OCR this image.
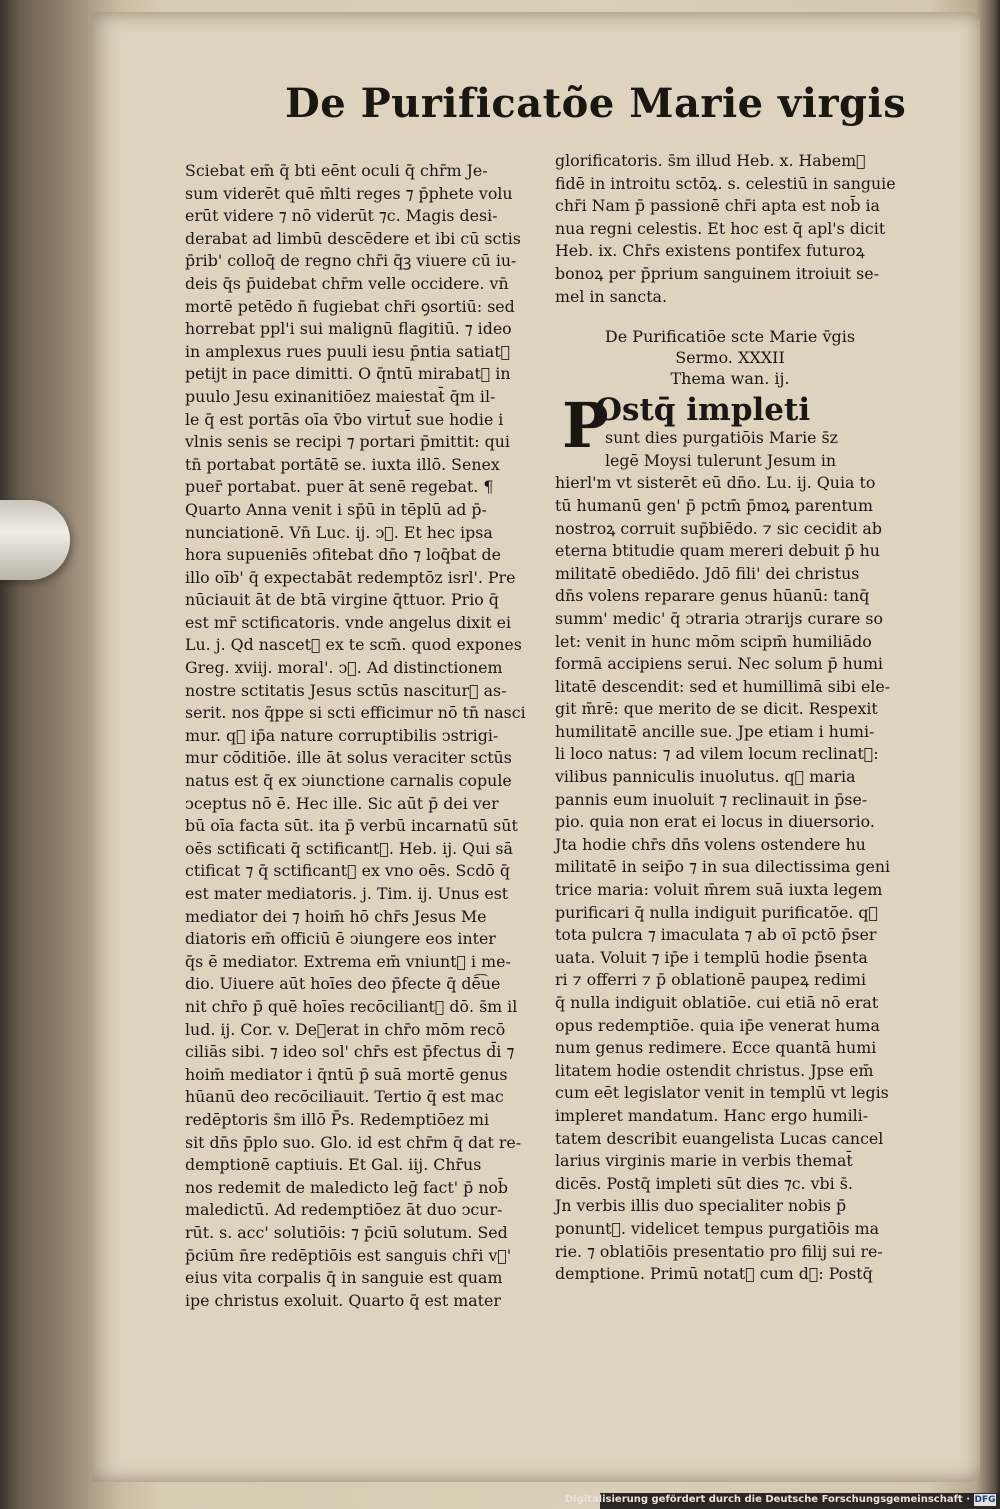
De Purificatõe Marie virgis

Sciebat em̄ q̄ bti eēnt oculi q̄ chr̄m Je-

sum viderēt quē m̄lti reges ⁊ p̄phete volu

erūt videre ⁊ nō viderūt ⁊c. Magis desi-

derabat ad limbū descēdere et ibi cū sctis

p̄rib' colloq̄ de regno chr̄i q̄ꝫ viuere cū iu-

deis q̄s p̄uidebat chr̄m velle occidere. vn̄

mortē petēdo n̄ fugiebat chr̄i ꝯsortiū: sed

horrebat ppl'i sui malignū flagitiū. ⁊ ideo

in amplexus rues puuli iesu p̄ntia satiat᷑

petijt in pace dimitti. O q̄ntū mirabat᷑ in

puulo Jesu exinanitiōez maiestat̄ q̄m il-

le q̄ est portās oīa v̄bo virtut̄ sue hodie i

vlnis senis se recipi ⁊ portari p̄mittit: qui

tn̄ portabat portātē se. iuxta illō. Senex

puer̄ portabat. puer āt senē regebat. ¶

Quarto Anna venit i sp̄ū in tēplū ad p̄-

nunciationē. Vn̄ Luc. ij. ↄ᷑. Et hec ipsa

hora supueniēs ↄfitebat dn̄o ⁊ loq̄bat de

illo oīb' q̄ expectabāt redemptōz isrl'. Pre

nūciauit āt de btā virgine q̄ttuor. Prio q̄

est mr̄ sctificatoris. vnde angelus dixit ei

Lu. j. Qd nascet᷑ ex te scm̄. quod expones

Greg. xviij. moral'. ↄ᷑. Ad distinctionem

nostre sctitatis Jesus sctūs nascitur᷑ as-

serit. nos q̄ppe si scti efficimur nō tn̄ nasci

mur. q᷑ ip̄a nature corruptibilis ↄstrigi-

mur cōditiōe. ille āt solus veraciter sctūs

natus est q̄ ex ↄiunctione carnalis copule

ↄceptus nō ē. Hec ille. Sic aūt p̄ dei ver

bū oīa facta sūt. ita p̄ verbū incarnatū sūt

oēs sctificati q̄ sctificant᷑. Heb. ij. Qui sā

ctificat ⁊ q̄ sctificant᷑ ex vno oēs. Scdō q̄

est mater mediatoris. j. Tim. ij. Unus est

mediator dei ⁊ hoim̄ hō chr̄s Jesus Me

diatoris em̄ officiū ē ↄiungere eos inter

q̄s ē mediator. Extrema em̄ vniunt᷑ i me-

dio. Uiuere aūt hoīes deo p̄fecte q̄ dē͡ue

nit chr̄o p̄ quē hoīes recōciliant᷑ dō. s̄m il

lud. ij. Cor. v. De᷑erat in chr̄o mōm recō

ciliās sibi. ⁊ ideo sol' chr̄s est p̄fectus d̄i ⁊

hoim̄ mediator i q̄ntū p̄ suā mortē genus

hūanū deo recōciliauit. Tertio q̄ est mac

redēptoris s̄m illō P̄s. Redemptiōez mi

sit dn̄s p̄plo suo. Glo. id est chr̄m q̄ dat re-

demptionē captiuis. Et Gal. iij. Chr̄us

nos redemit de maledicto leḡ fact' p̄ nob̄

maledictū. Ad redemptiōez āt duo ↄcur-

rūt. s. acc' solutiōis: ⁊ p̄ciū solutum. Sed

p̄ciūm n̄re redēptiōis est sanguis chr̄i v᷑'

eius vita corpalis q̄ in sanguie est quam

ipe christus exoluit. Quarto q̄ est mater

glorificatoris. s̄m illud Heb. x. Habem᷑

fidē in introitu sctōꝝ. s. celestiū in sanguie

chr̄i Nam p̄ passionē chr̄i apta est nob̄ ia

nua regni celestis. Et hoc est q̄ apl's dicit

Heb. ix. Chr̄s existens pontifex futuroꝝ

bonoꝝ per p̄prium sanguinem itroiuit se-

mel in sancta.

De Purificatiōe scte Marie v̄gis

Sermo. XXXII

Thema wan. ij.

Ostq̄ impleti

sunt dies purgatiōis Marie s̄z

legē Moysi tulerunt Jesum in

hierl'm vt sisterēt eū dn̄o. Lu. ij. Quia to

tū humanū gen' p̄ pctm̄ p̄moꝝ parentum

nostroꝝ corruit sup̄biēdo. ⁊ sic cecidit ab

eterna btitudie quam mereri debuit p̄ hu

militatē obediēdo. Jdō fili' dei christus

dn̄s volens reparare genus hūanū: tanq̄

summ' medic' q̄ ↄtraria ↄtrarijs curare so

let: venit in hunc mōm scipm̄ humiliādo

formā accipiens serui. Nec solum p̄ humi

litatē descendit: sed et humillimā sibi ele-

git m̄rē: que merito de se dicit. Respexit

humilitatē ancille sue. Jpe etiam i humi-

li loco natus: ⁊ ad vilem locum reclinat᷑:

vilibus panniculis inuolutus. q᷑ maria

pannis eum inuoluit ⁊ reclinauit in p̄se-

pio. quia non erat ei locus in diuersorio.

Jta hodie chr̄s dn̄s volens ostendere hu

militatē in seip̄o ⁊ in sua dilectissima geni

trice maria: voluit m̄rem suā iuxta legem

purificari q̄ nulla indiguit purificatōe. q᷑

tota pulcra ⁊ imaculata ⁊ ab oī pctō p̄ser

uata. Voluit ⁊ ip̄e i templū hodie p̄senta

ri ⁊ offerri ⁊ p̄ oblationē paupeꝝ redimi

q̄ nulla indiguit oblatiōe. cui etiā nō erat

opus redemptiōe. quia ip̄e venerat huma

num genus redimere. Ecce quantā humi

litatem hodie ostendit christus. Jpse em̄

cum eēt legislator venit in templū vt legis

impleret mandatum. Hanc ergo humili-

tatem describit euangelista Lucas cancel

larius virginis marie in verbis themat̄

dicēs. Postq̄ impleti sūt dies ⁊c. vbi s̄.

Jn verbis illis duo specialiter nobis p̄

ponunt᷑. videlicet tempus purgatiōis ma

rie. ⁊ oblatiōis presentatio pro filij sui re-

demptione. Primū notat᷑ cum d᷑: Postq̄

P
Digitalisierung gefördert durch die Deutsche Forschungsgemeinschaft · DFG
